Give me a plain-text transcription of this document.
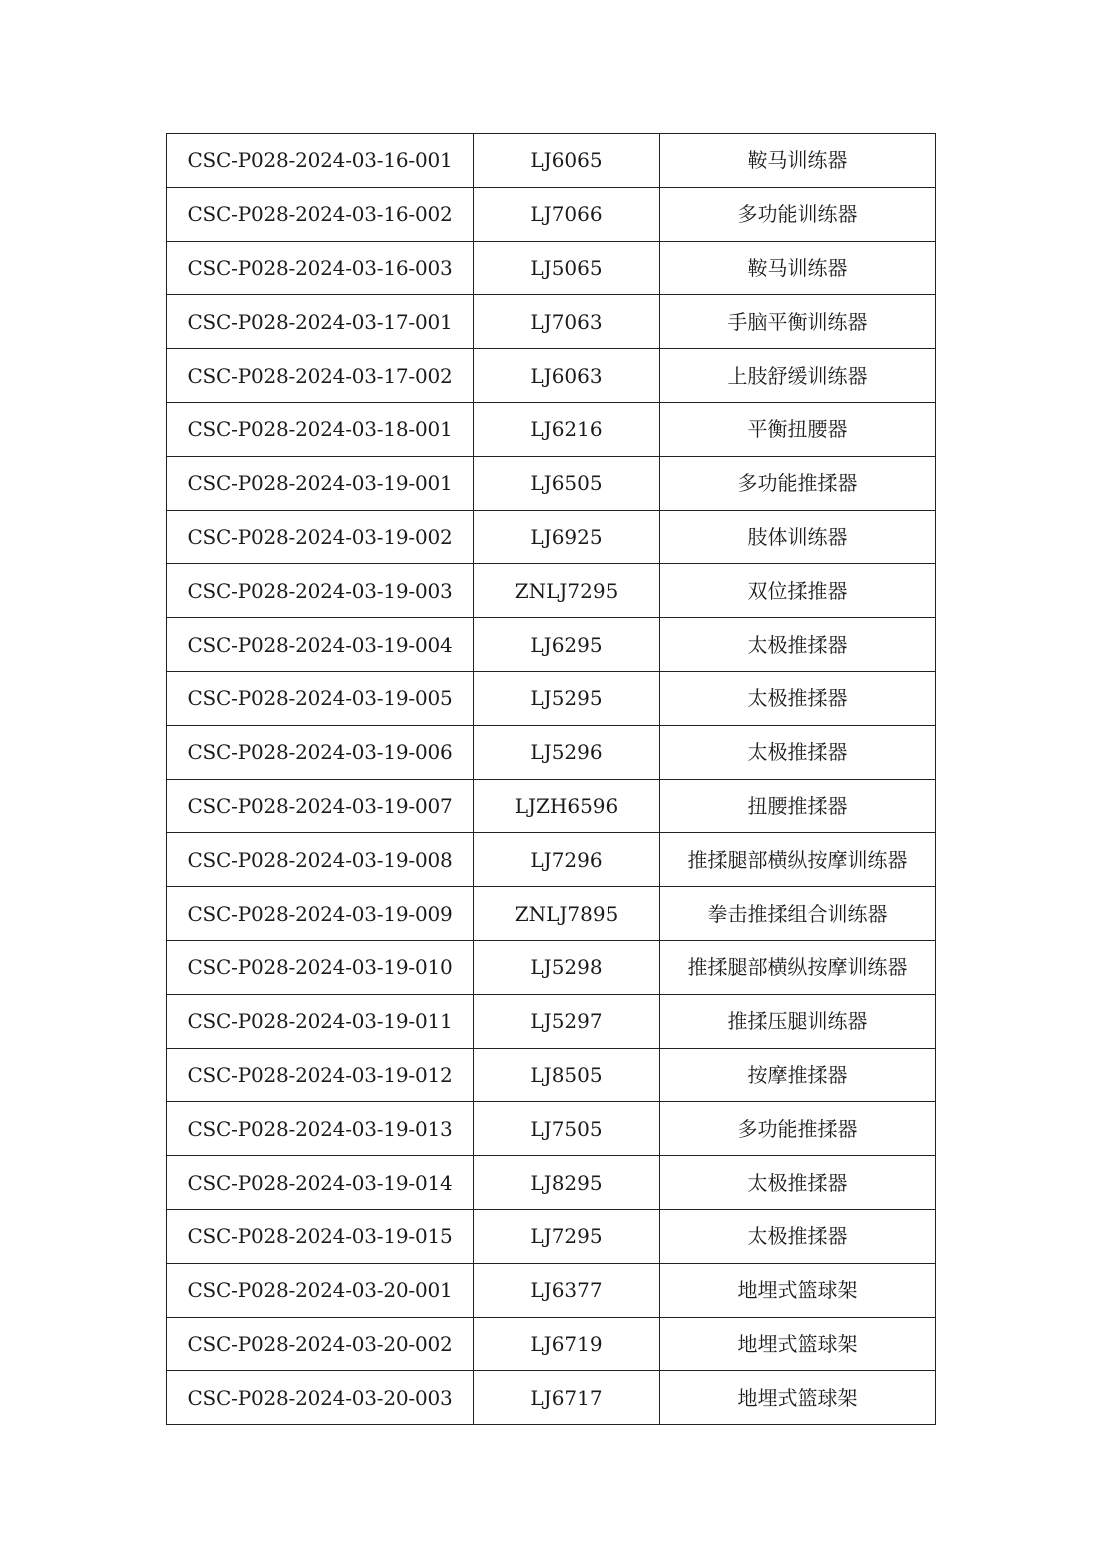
CSC-P028-2024-03-16-001	LJ6065	鞍马训练器
CSC-P028-2024-03-16-002	LJ7066	多功能训练器
CSC-P028-2024-03-16-003	LJ5065	鞍马训练器
CSC-P028-2024-03-17-001	LJ7063	手脑平衡训练器
CSC-P028-2024-03-17-002	LJ6063	上肢舒缓训练器
CSC-P028-2024-03-18-001	LJ6216	平衡扭腰器
CSC-P028-2024-03-19-001	LJ6505	多功能推揉器
CSC-P028-2024-03-19-002	LJ6925	肢体训练器
CSC-P028-2024-03-19-003	ZNLJ7295	双位揉推器
CSC-P028-2024-03-19-004	LJ6295	太极推揉器
CSC-P028-2024-03-19-005	LJ5295	太极推揉器
CSC-P028-2024-03-19-006	LJ5296	太极推揉器
CSC-P028-2024-03-19-007	LJZH6596	扭腰推揉器
CSC-P028-2024-03-19-008	LJ7296	推揉腿部横纵按摩训练器
CSC-P028-2024-03-19-009	ZNLJ7895	拳击推揉组合训练器
CSC-P028-2024-03-19-010	LJ5298	推揉腿部横纵按摩训练器
CSC-P028-2024-03-19-011	LJ5297	推揉压腿训练器
CSC-P028-2024-03-19-012	LJ8505	按摩推揉器
CSC-P028-2024-03-19-013	LJ7505	多功能推揉器
CSC-P028-2024-03-19-014	LJ8295	太极推揉器
CSC-P028-2024-03-19-015	LJ7295	太极推揉器
CSC-P028-2024-03-20-001	LJ6377	地埋式篮球架
CSC-P028-2024-03-20-002	LJ6719	地埋式篮球架
CSC-P028-2024-03-20-003	LJ6717	地埋式篮球架
